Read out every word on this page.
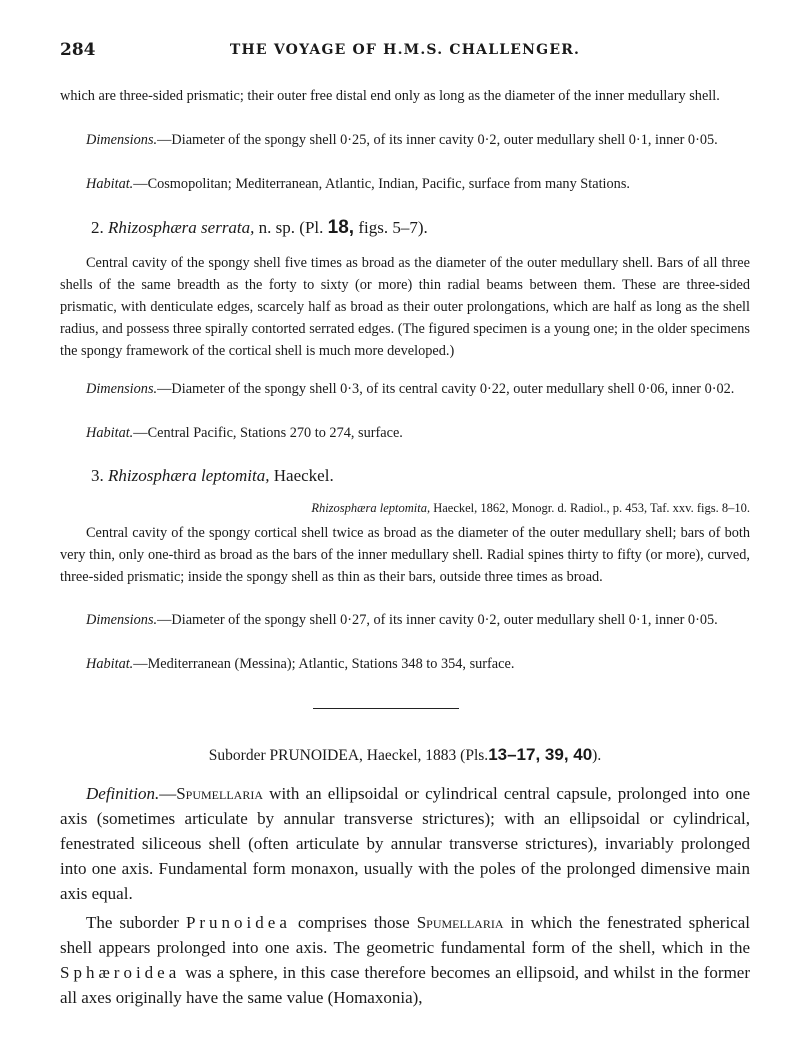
284	THE VOYAGE OF H.M.S. CHALLENGER.
which are three-sided prismatic; their outer free distal end only as long as the diameter of the inner medullary shell.
Dimensions.—Diameter of the spongy shell 0·25, of its inner cavity 0·2, outer medullary shell 0·1, inner 0·05.
Habitat.—Cosmopolitan; Mediterranean, Atlantic, Indian, Pacific, surface from many Stations.
2. Rhizosphæra serrata, n. sp. (Pl. 18, figs. 5–7).
Central cavity of the spongy shell five times as broad as the diameter of the outer medullary shell. Bars of all three shells of the same breadth as the forty to sixty (or more) thin radial beams between them. These are three-sided prismatic, with denticulate edges, scarcely half as broad as their outer prolongations, which are half as long as the shell radius, and possess three spirally contorted serrated edges. (The figured specimen is a young one; in the older specimens the spongy framework of the cortical shell is much more developed.)
Dimensions.—Diameter of the spongy shell 0·3, of its central cavity 0·22, outer medullary shell 0·06, inner 0·02.
Habitat.—Central Pacific, Stations 270 to 274, surface.
3. Rhizosphæra leptomita, Haeckel.
Rhizosphæra leptomita, Haeckel, 1862, Monogr. d. Radiol., p. 453, Taf. xxv. figs. 8–10.
Central cavity of the spongy cortical shell twice as broad as the diameter of the outer medullary shell; bars of both very thin, only one-third as broad as the bars of the inner medullary shell. Radial spines thirty to fifty (or more), curved, three-sided prismatic; inside the spongy shell as thin as their bars, outside three times as broad.
Dimensions.—Diameter of the spongy shell 0·27, of its inner cavity 0·2, outer medullary shell 0·1, inner 0·05.
Habitat.—Mediterranean (Messina); Atlantic, Stations 348 to 354, surface.
Suborder PRUNOIDEA, Haeckel, 1883 (Pls.13–17, 39, 40).
Definition.—Spumellaria with an ellipsoidal or cylindrical central capsule, prolonged into one axis (sometimes articulate by annular transverse strictures); with an ellipsoidal or cylindrical, fenestrated siliceous shell (often articulate by annular transverse strictures), invariably prolonged into one axis. Fundamental form monaxon, usually with the poles of the prolonged dimensive main axis equal.
The suborder Prunoidea comprises those Spumellaria in which the fenestrated spherical shell appears prolonged into one axis. The geometric fundamental form of the shell, which in the Sphæroidea was a sphere, in this case therefore becomes an ellipsoid, and whilst in the former all axes originally have the same value (Homaxonia),
